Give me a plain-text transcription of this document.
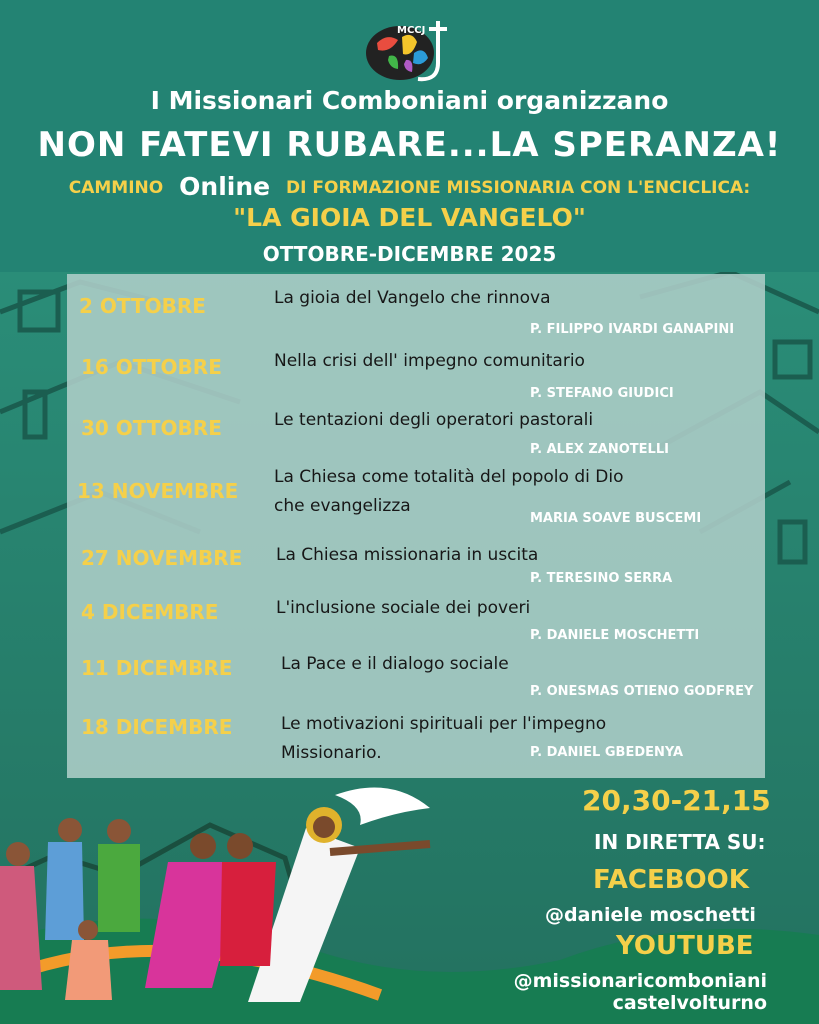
MCCJ
I Missionari Comboniani organizzano
NON FATEVI RUBARE...LA SPERANZA!
CAMMINO Online DI FORMAZIONE MISSIONARIA CON L'ENCICLICA:
"LA GIOIA DEL VANGELO"
OTTOBRE-DICEMBRE 2025
2 OTTOBRE	La gioia del Vangelo che rinnova
P. FILIPPO IVARDI GANAPINI
16 OTTOBRE	Nella crisi dell' impegno comunitario
P. STEFANO GIUDICI
30 OTTOBRE	Le tentazioni degli operatori pastorali
P. ALEX ZANOTELLI
13 NOVEMBRE
La Chiesa come totalità del popolo di Dio che evangelizza
MARIA SOAVE BUSCEMI
27 NOVEMBRE La Chiesa missionaria in uscita
P. TERESINO SERRA
4 DICEMBRE	L'inclusione sociale dei poveri
P. DANIELE MOSCHETTI
11 DICEMBRE	La Pace e il dialogo sociale
P. ONESMAS OTIENO GODFREY
18 DICEMBRE	Le motivazioni spirituali per l'impegno Missionario.	P. DANIEL GBEDENYA
20,30-21,15
IN DIRETTA SU:
FACEBOOK
@daniele moschetti
YOUTUBE
@missionaricomboniani
castelvolturno
